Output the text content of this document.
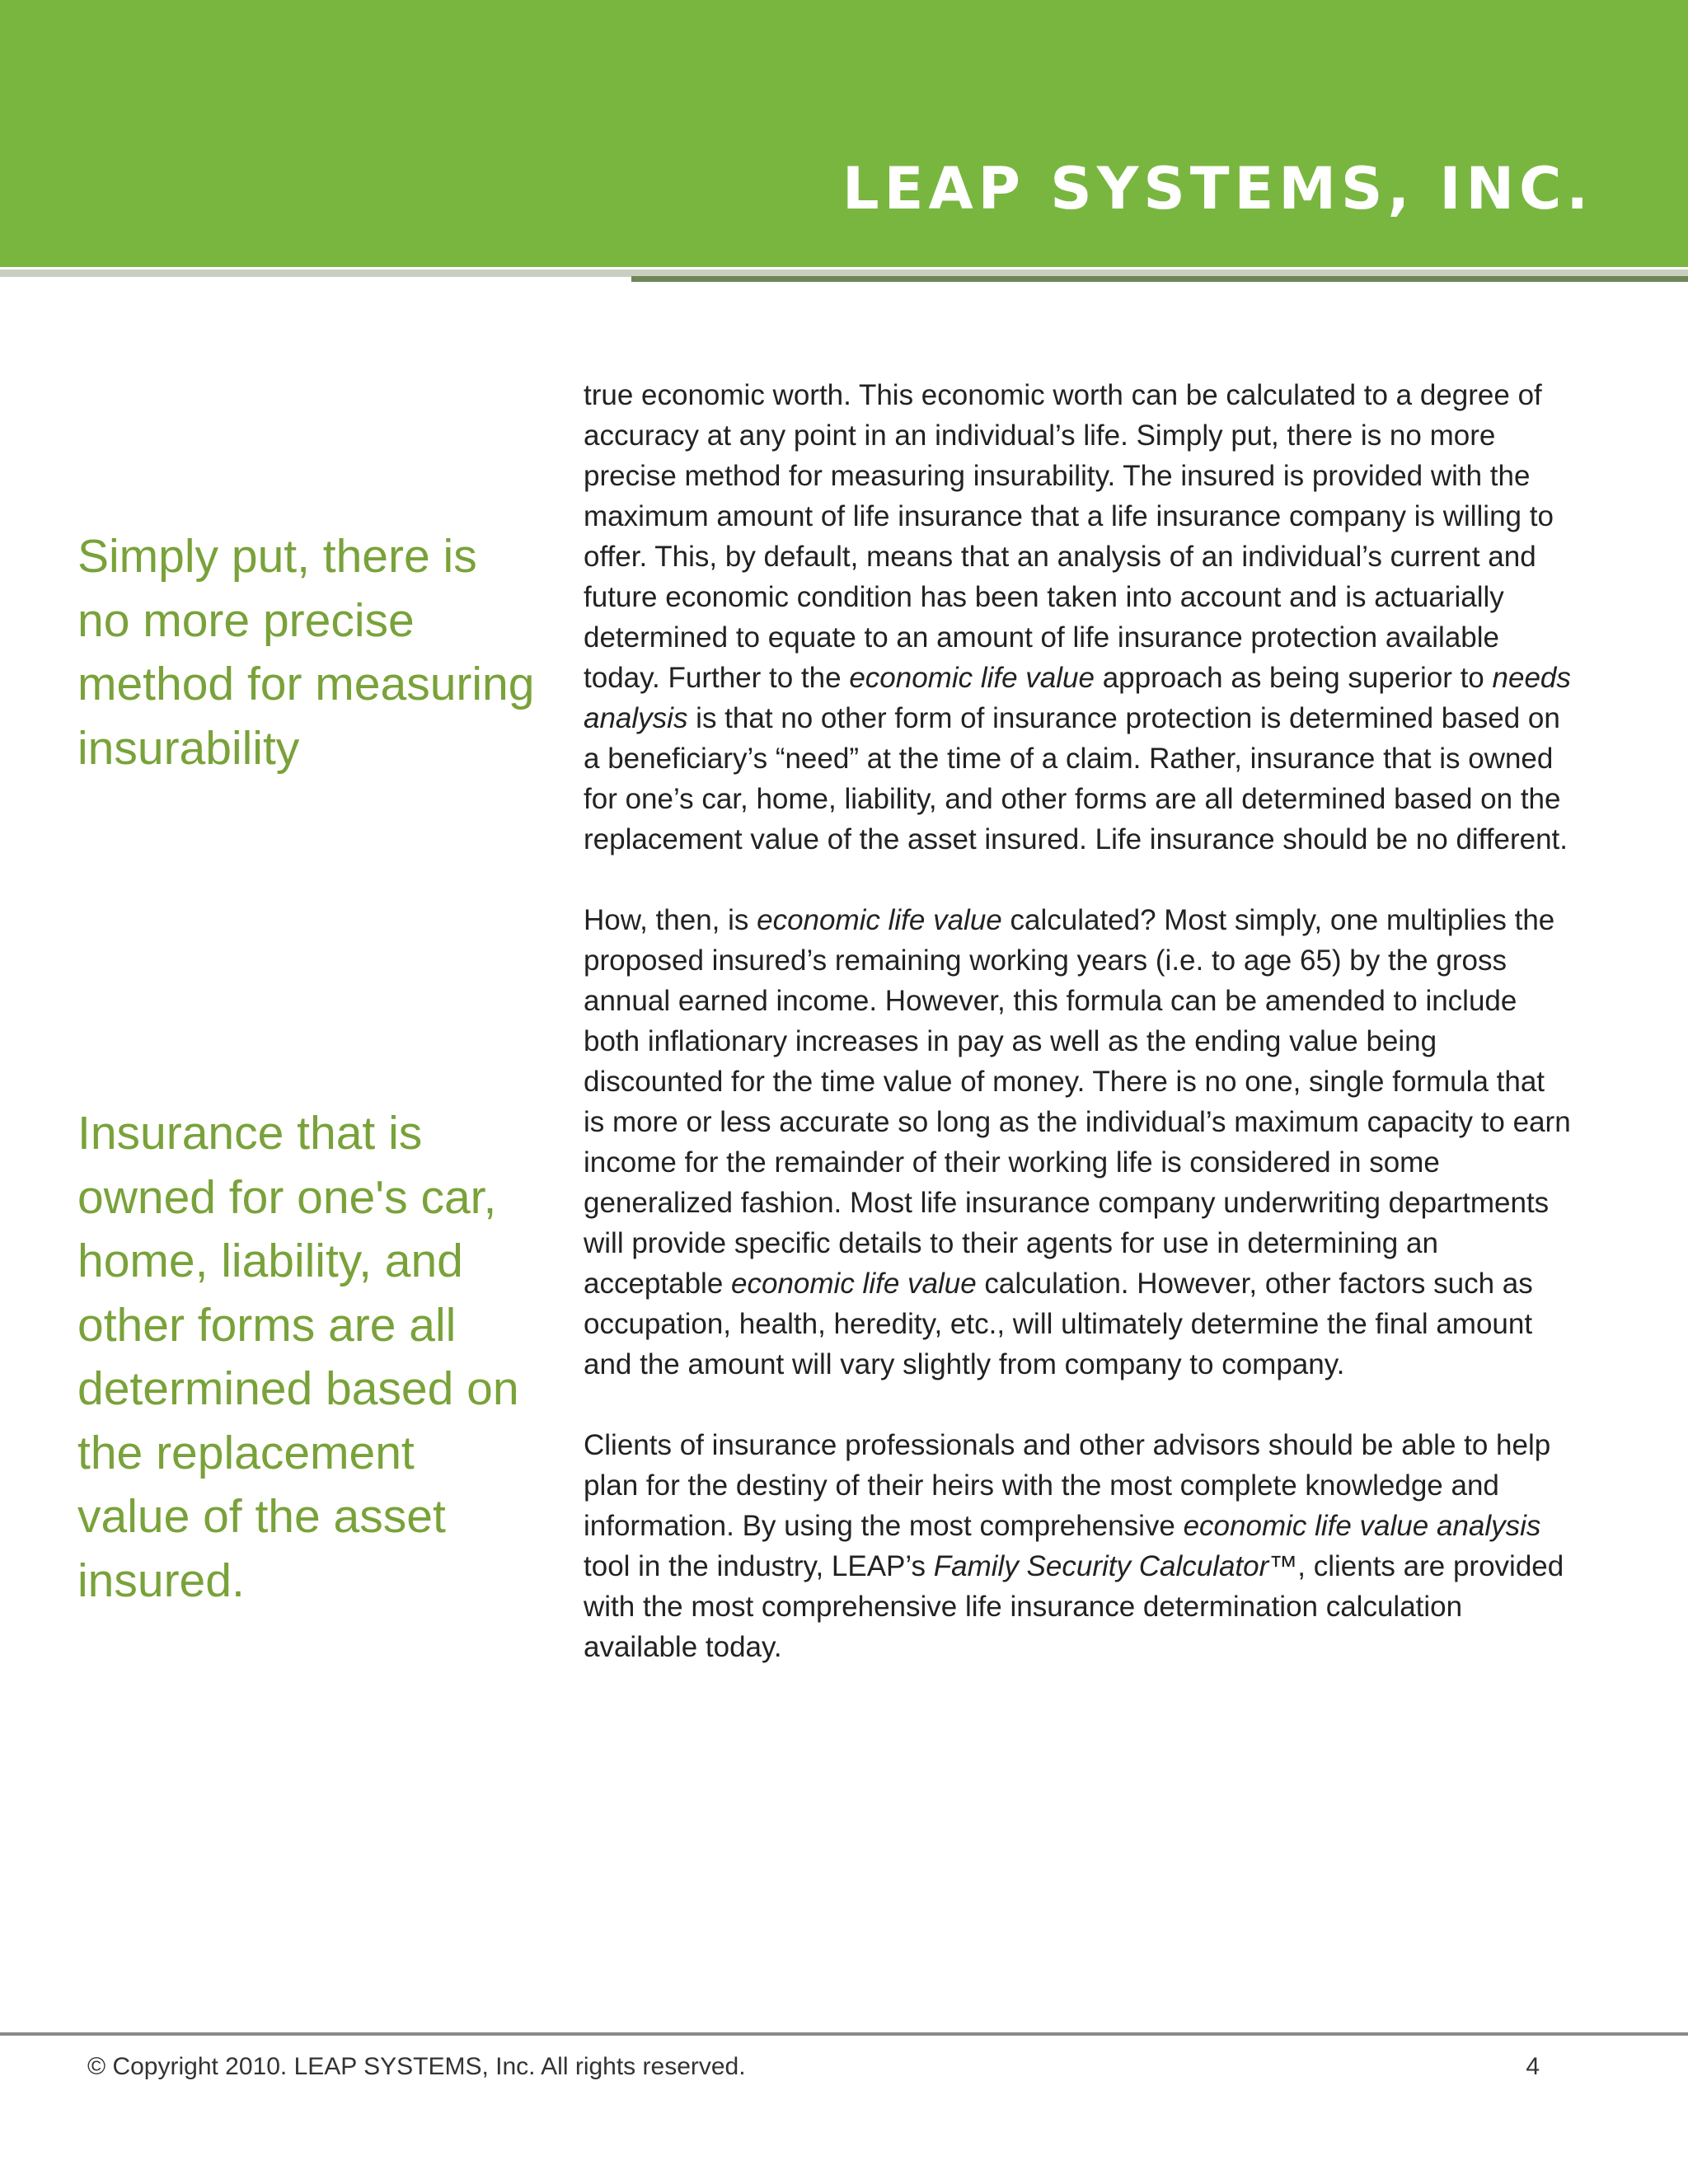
LEAP SYSTEMS, INC.
Simply put, there is no more precise method for measuring insurability
Insurance that is owned for one's car, home, liability, and other forms are all determined based on the replacement value of the asset insured.

true economic worth. This economic worth can be calculated to a degree of accuracy at any point in an individual’s life. Simply put, there is no more precise method for measuring insurability. The insured is provided with the maximum amount of life insurance that a life insurance company is willing to offer. This, by default, means that an analysis of an individual’s current and future economic condition has been taken into account and is actuarially determined to equate to an amount of life insurance protection available today. Further to the economic life value approach as being superior to needs analysis is that no other form of insurance protection is determined based on a beneficiary’s “need” at the time of a claim. Rather, insurance that is owned for one’s car, home, liability, and other forms are all determined based on the replacement value of the asset insured. Life insurance should be no different.

How, then, is economic life value calculated? Most simply, one multiplies the proposed insured’s remaining working years (i.e. to age 65) by the gross annual earned income. However, this formula can be amended to include both inflationary increases in pay as well as the ending value being discounted for the time value of money. There is no one, single formula that is more or less accurate so long as the individual’s maximum capacity to earn income for the remainder of their working life is considered in some generalized fashion. Most life insurance company underwriting departments will provide specific details to their agents for use in determining an acceptable economic life value calculation. However, other factors such as occupation, health, heredity, etc., will ultimately determine the final amount and the amount will vary slightly from company to company.

Clients of insurance professionals and other advisors should be able to help plan for the destiny of their heirs with the most complete knowledge and information. By using the most comprehensive economic life value analysis tool in the industry, LEAP’s Family Security Calculator™, clients are provided with the most comprehensive life insurance determination calculation available today.

© Copyright 2010. LEAP SYSTEMS, Inc. All rights reserved.	4
